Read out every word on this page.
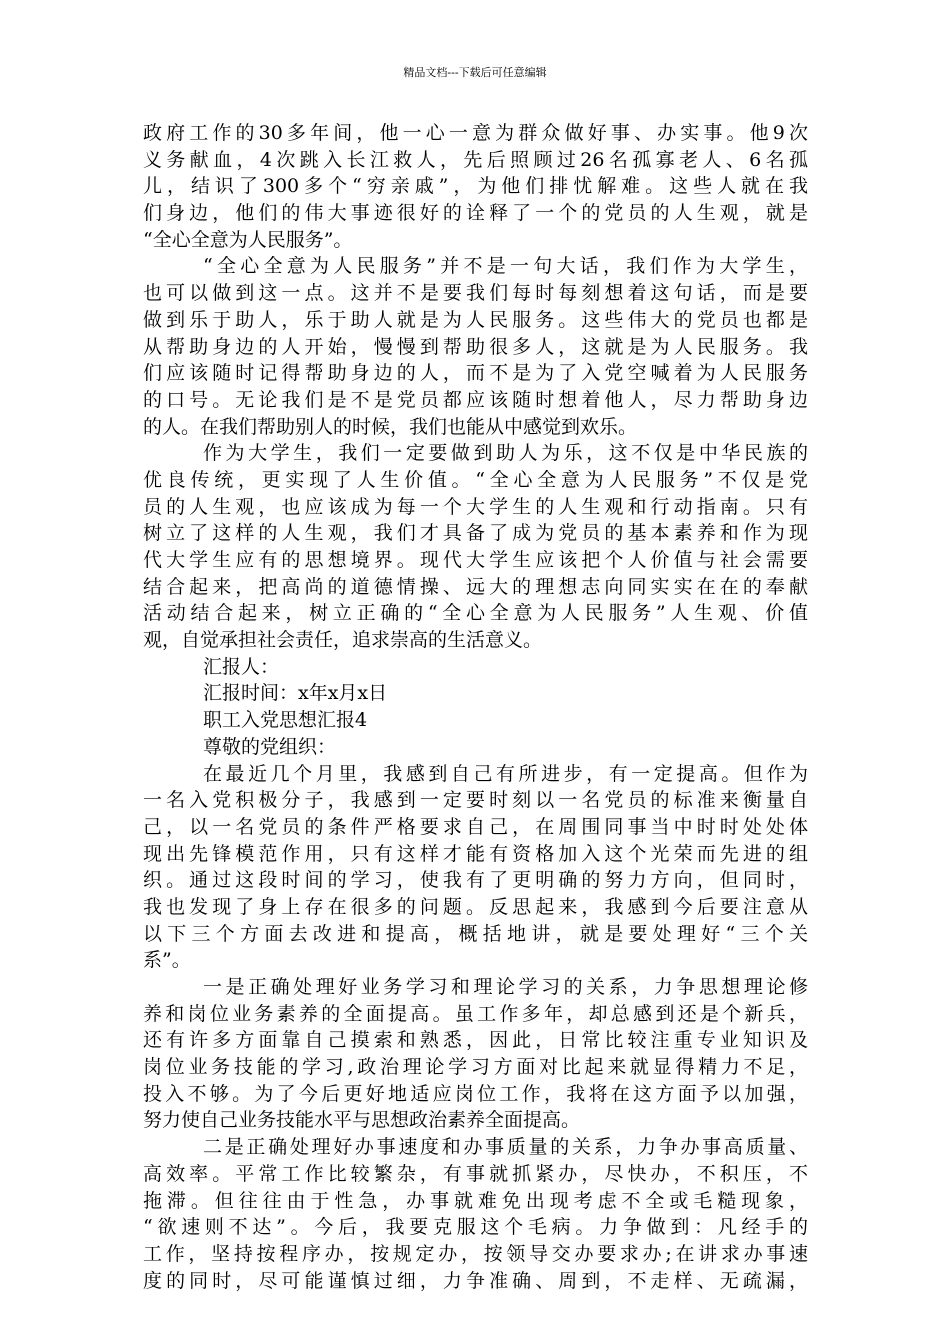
精品文档---下载后可任意编辑
政府工作的30多年间，他一心一意为群众做好事、办实事。他9次
义务献血，4次跳入长江救人，先后照顾过26名孤寡老人、6名孤
儿，结识了300多个“穷亲戚”，为他们排忧解难。这些人就在我
们身边，他们的伟大事迹很好的诠释了一个的党员的人生观，就是
“全心全意为人民服务”。
“全心全意为人民服务”并不是一句大话，我们作为大学生，
也可以做到这一点。这并不是要我们每时每刻想着这句话，而是要
做到乐于助人，乐于助人就是为人民服务。这些伟大的党员也都是
从帮助身边的人开始，慢慢到帮助很多人，这就是为人民服务。我
们应该随时记得帮助身边的人，而不是为了入党空喊着为人民服务
的口号。无论我们是不是党员都应该随时想着他人，尽力帮助身边
的人。在我们帮助别人的时候，我们也能从中感觉到欢乐。
作为大学生，我们一定要做到助人为乐，这不仅是中华民族的
优良传统，更实现了人生价值。“全心全意为人民服务”不仅是党
员的人生观，也应该成为每一个大学生的人生观和行动指南。只有
树立了这样的人生观，我们才具备了成为党员的基本素养和作为现
代大学生应有的思想境界。现代大学生应该把个人价值与社会需要
结合起来，把高尚的道德情操、远大的理想志向同实实在在的奉献
活动结合起来，树立正确的“全心全意为人民服务”人生观、价值
观，自觉承担社会责任，追求崇高的生活意义。
汇报人：
汇报时间：x年x月x日
职工入党思想汇报4
尊敬的党组织：
在最近几个月里，我感到自己有所进步，有一定提高。但作为
一名入党积极分子，我感到一定要时刻以一名党员的标准来衡量自
己，以一名党员的条件严格要求自己，在周围同事当中时时处处体
现出先锋模范作用，只有这样才能有资格加入这个光荣而先进的组
织。通过这段时间的学习，使我有了更明确的努力方向，但同时，
我也发现了身上存在很多的问题。反思起来，我感到今后要注意从
以下三个方面去改进和提高，概括地讲，就是要处理好“三个关
系”。
一是正确处理好业务学习和理论学习的关系，力争思想理论修
养和岗位业务素养的全面提高。虽工作多年，却总感到还是个新兵，
还有许多方面靠自己摸索和熟悉，因此，日常比较注重专业知识及
岗位业务技能的学习,政治理论学习方面对比起来就显得精力不足，
投入不够。为了今后更好地适应岗位工作，我将在这方面予以加强，
努力使自己业务技能水平与思想政治素养全面提高。
二是正确处理好办事速度和办事质量的关系，力争办事高质量、
高效率。平常工作比较繁杂，有事就抓紧办，尽快办，不积压，不
拖滞。但往往由于性急，办事就难免出现考虑不全或毛糙现象，
“欲速则不达”。今后，我要克服这个毛病。力争做到：凡经手的
工作，坚持按程序办，按规定办，按领导交办要求办;在讲求办事速
度的同时，尽可能谨慎过细，力争准确、周到，不走样、无疏漏，
